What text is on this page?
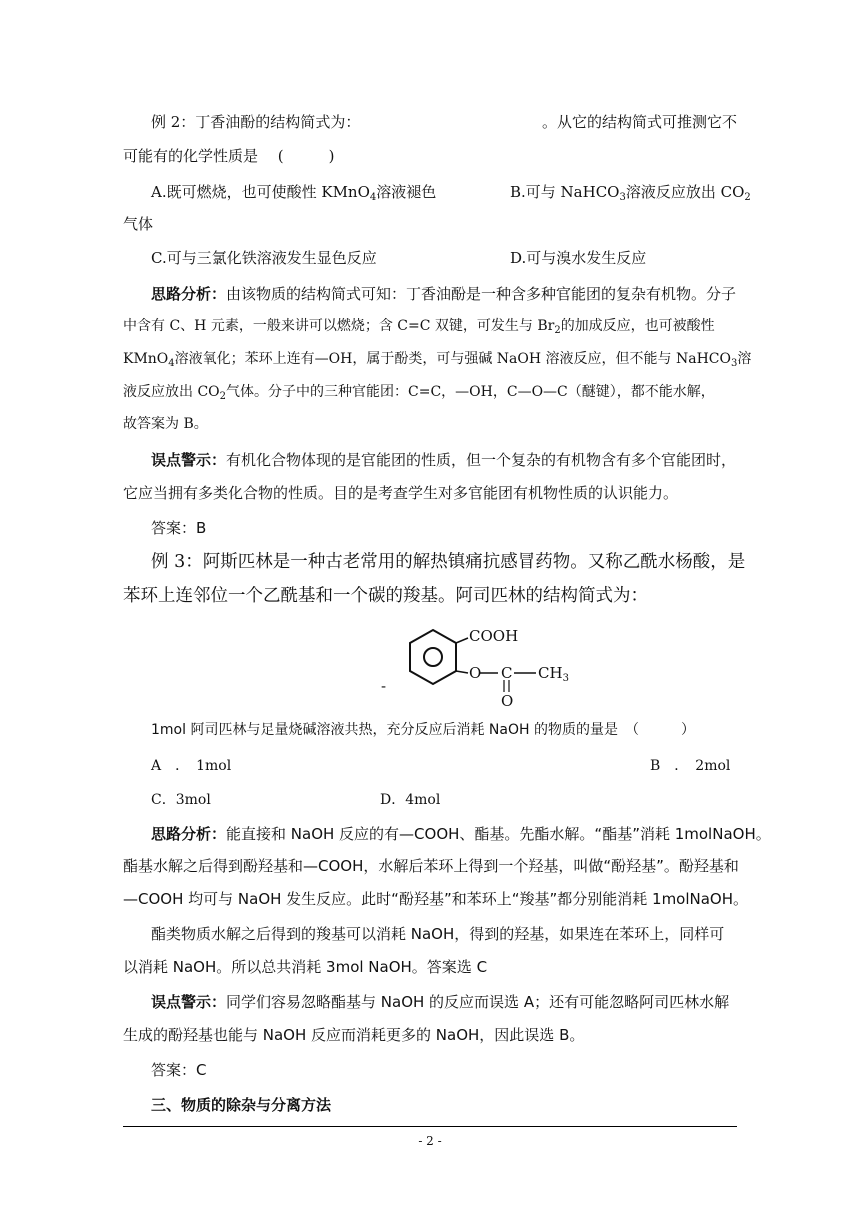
例 2：丁香油酚的结构简式为：	。从它的结构简式可推测它不
可能有的化学性质是 　(　　　)
A.既可燃烧，也可使酸性 KMnO$_4$溶液褪色	B.可与 NaHCO$_3$溶液反应放出 $CO_2$
气体
C.可与三氯化铁溶液发生显色反应	D.可与溴水发生反应
思路分析：由该物质的结构简式可知：丁香油酚是一种含多种官能团的复杂有机物。分子
中含有 C、H 元素，一般来讲可以燃烧；含 C=C 双键，可发生与 $Br_2$的加成反应，也可被酸性
KMnO$_4$溶液氧化；苯环上连有—OH，属于酚类，可与强碱 NaOH 溶液反应，但不能与 NaHCO$_3$溶
液反应放出 $CO_2$气体。分子中的三种官能团：C=C，—OH，C—O—C（醚键），都不能水解，
故答案为 B。
误点警示：有机化合物体现的是官能团的性质，但一个复杂的有机物含有多个官能团时，
它应当拥有多类化合物的性质。目的是考查学生对多官能团有机物性质的认识能力。
答案：B
例 3：阿斯匹林是一种古老常用的解热镇痛抗感冒药物。又称乙酰水杨酸，是
苯环上连邻位一个乙酰基和一个碳的羧基。阿司匹林的结构简式为：
COOH
O C $CH_3$
O
-
1mol 阿司匹林与足量烧碱溶液共热，充分反应后消耗 NaOH 的物质的量是　（　　　）
A　．　1mol	B　．　2mol
C．3mol	D．4mol
思路分析：能直接和 NaOH 反应的有—COOH、酯基。先酯水解。“酯基”消耗 1molNaOH。
酯基水解之后得到酚羟基和—COOH，水解后苯环上得到一个羟基，叫做“酚羟基”。酚羟基和
—COOH 均可与 NaOH 发生反应。此时“酚羟基”和苯环上“羧基”都分别能消耗 1molNaOH。
酯类物质水解之后得到的羧基可以消耗 NaOH，得到的羟基，如果连在苯环上，同样可
以消耗 NaOH。所以总共消耗 3mol NaOH。答案选 C
误点警示：同学们容易忽略酯基与 NaOH 的反应而误选 A；还有可能忽略阿司匹林水解
生成的酚羟基也能与 NaOH 反应而消耗更多的 NaOH，因此误选 B。
答案：C
三、物质的除杂与分离方法
- 2 -
